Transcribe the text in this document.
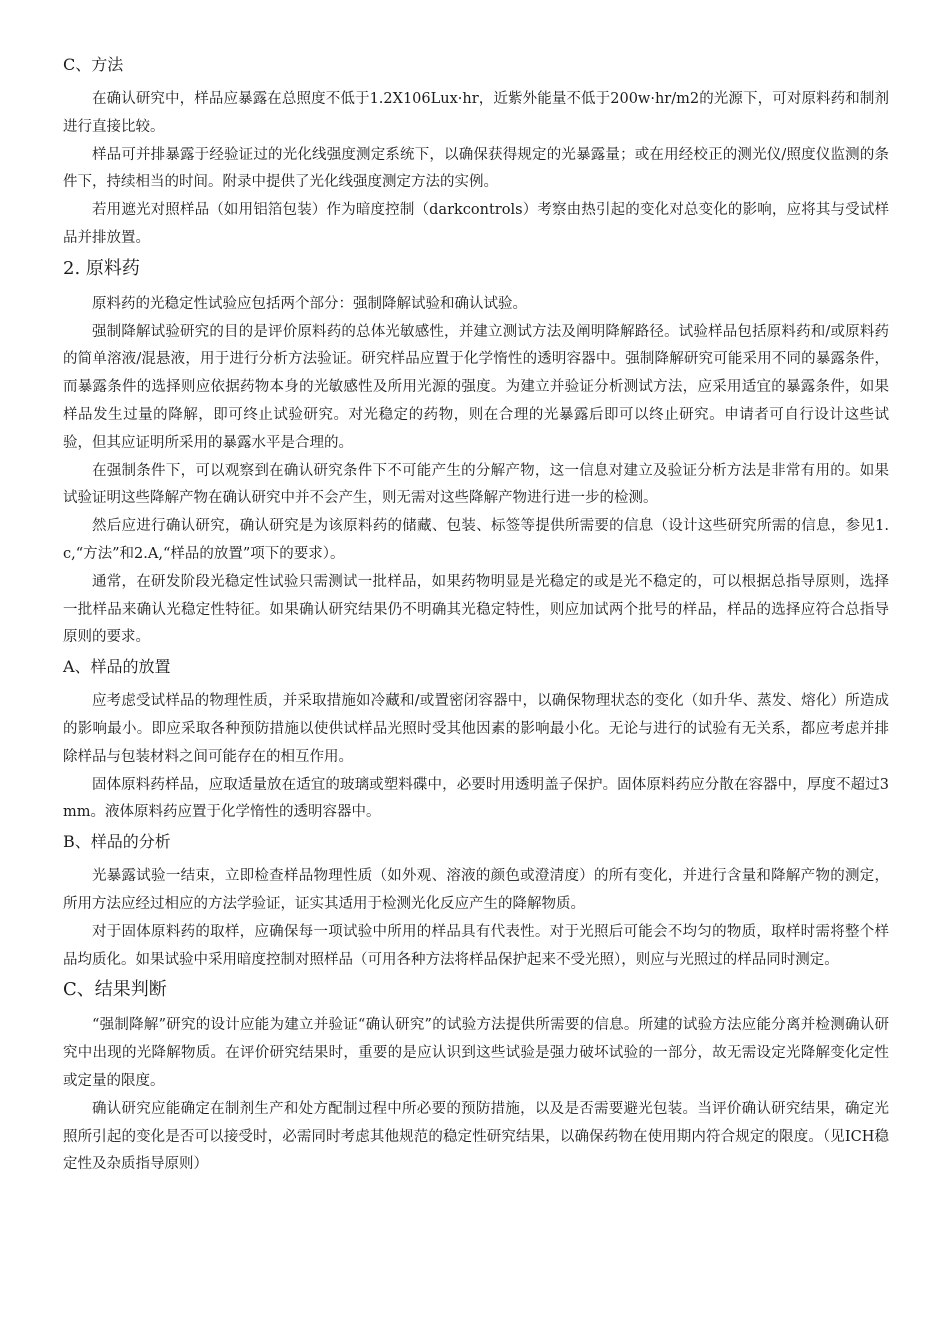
C、方法

在确认研究中，样品应暴露在总照度不低于1.2X106Lux·hr，近紫外能量不低于200w·hr/m2的光源下，可对原料药和制剂进行直接比较。

样品可并排暴露于经验证过的光化线强度测定系统下，以确保获得规定的光暴露量；或在用经校正的测光仪/照度仪监测的条件下，持续相当的时间。附录中提供了光化线强度测定方法的实例。

若用遮光对照样品（如用铝箔包装）作为暗度控制（darkcontrols）考察由热引起的变化对总变化的影响，应将其与受试样品并排放置。

2. 原料药

原料药的光稳定性试验应包括两个部分：强制降解试验和确认试验。

强制降解试验研究的目的是评价原料药的总体光敏感性，并建立测试方法及阐明降解路径。试验样品包括原料药和/或原料药的简单溶液/混悬液，用于进行分析方法验证。研究样品应置于化学惰性的透明容器中。强制降解研究可能采用不同的暴露条件，而暴露条件的选择则应依据药物本身的光敏感性及所用光源的强度。为建立并验证分析测试方法，应采用适宜的暴露条件，如果样品发生过量的降解，即可终止试验研究。对光稳定的药物，则在合理的光暴露后即可以终止研究。申请者可自行设计这些试验，但其应证明所采用的暴露水平是合理的。

在强制条件下，可以观察到在确认研究条件下不可能产生的分解产物，这一信息对建立及验证分析方法是非常有用的。如果试验证明这些降解产物在确认研究中并不会产生，则无需对这些降解产物进行进一步的检测。

然后应进行确认研究，确认研究是为该原料药的储藏、包装、标签等提供所需要的信息（设计这些研究所需的信息，参见1.c,“方法”和2.A,“样品的放置”项下的要求）。

通常，在研发阶段光稳定性试验只需测试一批样品，如果药物明显是光稳定的或是光不稳定的，可以根据总指导原则，选择一批样品来确认光稳定性特征。如果确认研究结果仍不明确其光稳定特性，则应加试两个批号的样品，样品的选择应符合总指导原则的要求。

A、样品的放置

应考虑受试样品的物理性质，并采取措施如冷藏和/或置密闭容器中，以确保物理状态的变化（如升华、蒸发、熔化）所造成的影响最小。即应采取各种预防措施以使供试样品光照时受其他因素的影响最小化。无论与进行的试验有无关系，都应考虑并排除样品与包装材料之间可能存在的相互作用。

固体原料药样品，应取适量放在适宜的玻璃或塑料碟中，必要时用透明盖子保护。固体原料药应分散在容器中，厚度不超过3mm。液体原料药应置于化学惰性的透明容器中。

B、样品的分析

光暴露试验一结束，立即检查样品物理性质（如外观、溶液的颜色或澄清度）的所有变化，并进行含量和降解产物的测定，所用方法应经过相应的方法学验证，证实其适用于检测光化反应产生的降解物质。

对于固体原料药的取样，应确保每一项试验中所用的样品具有代表性。对于光照后可能会不均匀的物质，取样时需将整个样品均质化。如果试验中采用暗度控制对照样品（可用各种方法将样品保护起来不受光照），则应与光照过的样品同时测定。

C、结果判断

“强制降解”研究的设计应能为建立并验证“确认研究”的试验方法提供所需要的信息。所建的试验方法应能分离并检测确认研究中出现的光降解物质。在评价研究结果时，重要的是应认识到这些试验是强力破坏试验的一部分，故无需设定光降解变化定性或定量的限度。

确认研究应能确定在制剂生产和处方配制过程中所必要的预防措施，以及是否需要避光包装。当评价确认研究结果，确定光照所引起的变化是否可以接受时，必需同时考虑其他规范的稳定性研究结果，以确保药物在使用期内符合规定的限度。（见ICH稳定性及杂质指导原则）
